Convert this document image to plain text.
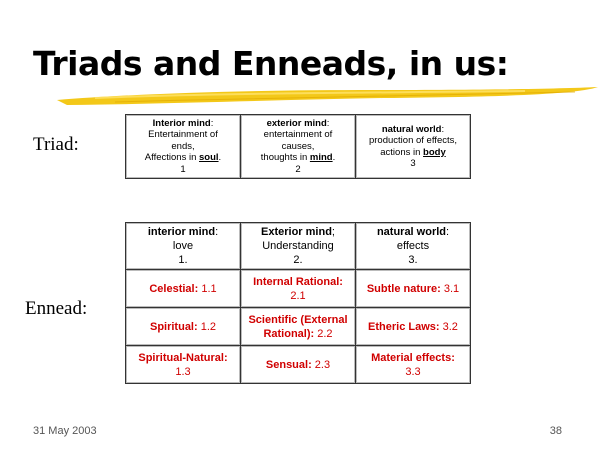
Triads and Enneads, in us:
Triad:
Interior mind:
Entertainment of
ends,
Affections in soul.
1	exterior mind:
entertainment of
causes,
thoughts in mind.
2	natural world:
production of effects,
actions in body
3
Ennead:
interior mind:
love
1.	Exterior mind;
Understanding
2.	natural world:
effects
3.
Celestial: 1.1	Internal Rational:
2.1	Subtle nature: 3.1
Spiritual: 1.2	Scientific (External Rational): 2.2	Etheric Laws: 3.2
Spiritual-Natural:
1.3	Sensual: 2.3	Material effects:
3.3
31 May 2003	38
